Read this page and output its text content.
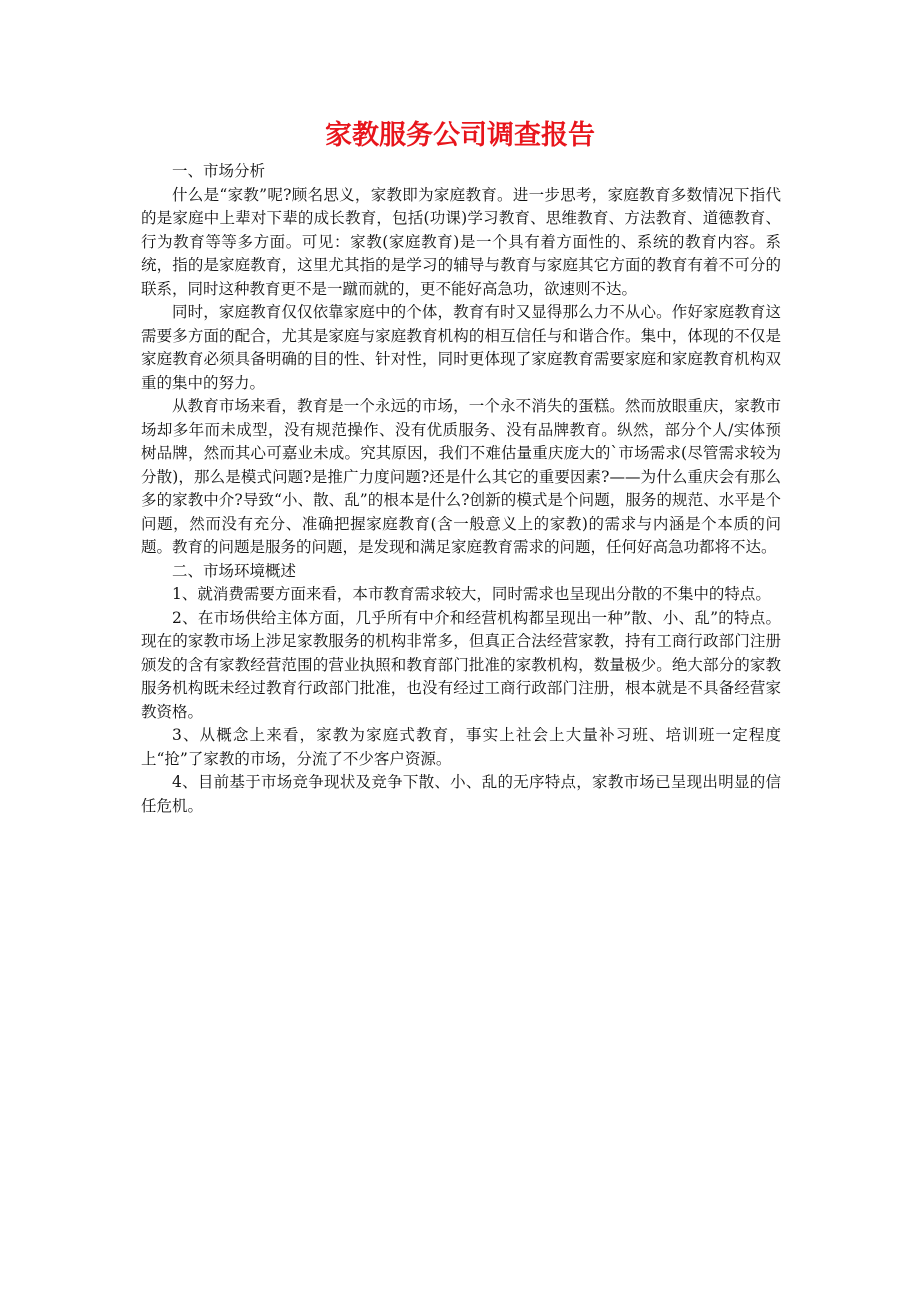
家教服务公司调查报告

一、市场分析

什么是“家教”呢?顾名思义，家教即为家庭教育。进一步思考，家庭教育多数情况下指代的是家庭中上辈对下辈的成长教育，包括(功课)学习教育、思维教育、方法教育、道德教育、行为教育等等多方面。可见：家教(家庭教育)是一个具有着方面性的、系统的教育内容。系统，指的是家庭教育，这里尤其指的是学习的辅导与教育与家庭其它方面的教育有着不可分的联系，同时这种教育更不是一蹴而就的，更不能好高急功，欲速则不达。

同时，家庭教育仅仅依靠家庭中的个体，教育有时又显得那么力不从心。作好家庭教育这需要多方面的配合，尤其是家庭与家庭教育机构的相互信任与和谐合作。集中，体现的不仅是家庭教育必须具备明确的目的性、针对性，同时更体现了家庭教育需要家庭和家庭教育机构双重的集中的努力。

从教育市场来看，教育是一个永远的市场，一个永不消失的蛋糕。然而放眼重庆，家教市场却多年而未成型，没有规范操作、没有优质服务、没有品牌教育。纵然，部分个人/实体预树品牌，然而其心可嘉业未成。究其原因，我们不难估量重庆庞大的`市场需求(尽管需求较为分散)，那么是模式问题?是推广力度问题?还是什么其它的重要因素?——为什么重庆会有那么多的家教中介?导致“小、散、乱”的根本是什么?创新的模式是个问题，服务的规范、水平是个问题，然而没有充分、准确把握家庭教育(含一般意义上的家教)的需求与内涵是个本质的问题。教育的问题是服务的问题，是发现和满足家庭教育需求的问题，任何好高急功都将不达。

二、市场环境概述

1、就消费需要方面来看，本市教育需求较大，同时需求也呈现出分散的不集中的特点。

2、在市场供给主体方面，几乎所有中介和经营机构都呈现出一种”散、小、乱”的特点。现在的家教市场上涉足家教服务的机构非常多，但真正合法经营家教，持有工商行政部门注册颁发的含有家教经营范围的营业执照和教育部门批准的家教机构，数量极少。绝大部分的家教服务机构既未经过教育行政部门批准，也没有经过工商行政部门注册，根本就是不具备经营家教资格。

3、从概念上来看，家教为家庭式教育，事实上社会上大量补习班、培训班一定程度上“抢”了家教的市场，分流了不少客户资源。

4、目前基于市场竞争现状及竞争下散、小、乱的无序特点，家教市场已呈现出明显的信任危机。
